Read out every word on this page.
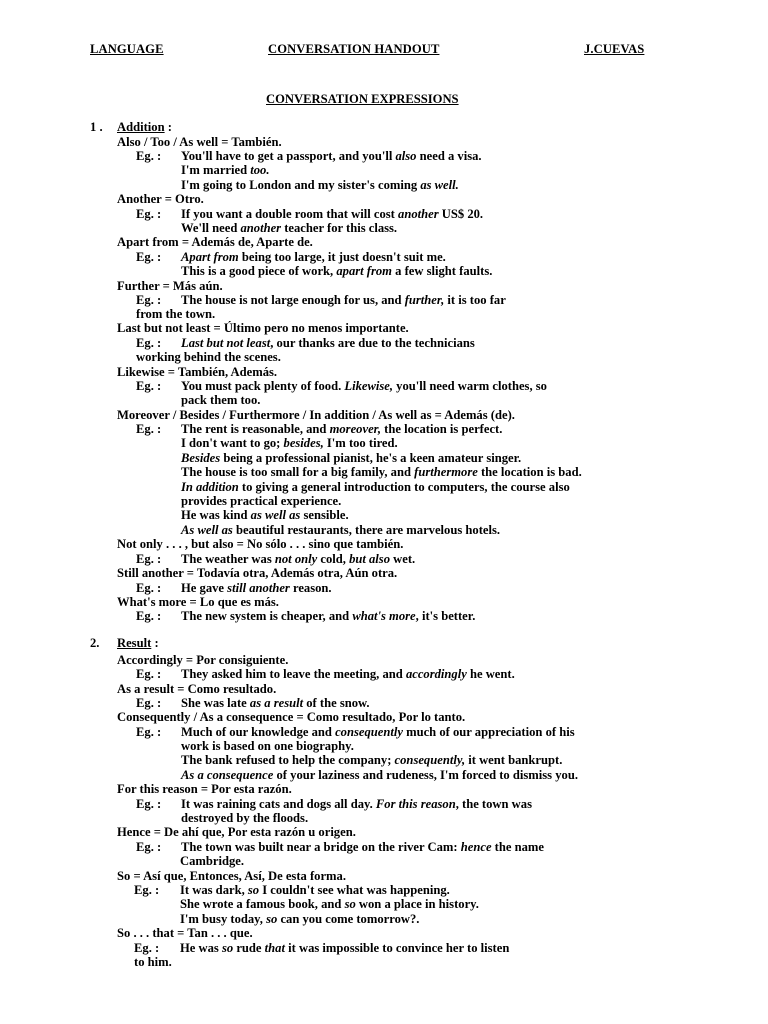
LANGUAGE	CONVERSATION HANDOUT	J.CUEVAS
CONVERSATION EXPRESSIONS
1 . Addition :
Also / Too / As well = También.
Eg. : You'll have to get a passport, and you'll also need a visa.
I'm married too.
I'm going to London and my sister's coming as well.
Another = Otro.
Eg. : If you want a double room that will cost another US$ 20.
We'll need another teacher for this class.
Apart from = Además de, Aparte de.
Eg. : Apart from being too large, it just doesn't suit me.
This is a good piece of work, apart from a few slight faults.
Further = Más aún.
Eg. : The house is not large enough for us, and further, it is too far
from the town.
Last but not least = Último pero no menos importante.
Eg. : Last but not least, our thanks are due to the technicians
working behind the scenes.
Likewise = También, Además.
Eg. : You must pack plenty of food. Likewise, you'll need warm clothes, so
pack them too.
Moreover / Besides / Furthermore / In addition / As well as = Además (de).
Eg. : The rent is reasonable, and moreover, the location is perfect.
I don't want to go; besides, I'm too tired.
Besides being a professional pianist, he's a keen amateur singer.
The house is too small for a big family, and furthermore the location is bad.
In addition to giving a general introduction to computers, the course also
provides practical experience.
He was kind as well as sensible.
As well as beautiful restaurants, there are marvelous hotels.
Not only . . . , but also = No sólo . . . sino que también.
Eg. : The weather was not only cold, but also wet.
Still another = Todavía otra, Además otra, Aún otra.
Eg. : He gave still another reason.
What's more = Lo que es más.
Eg. : The new system is cheaper, and what's more, it's better.
2. Result :
Accordingly = Por consiguiente.
Eg. : They asked him to leave the meeting, and accordingly he went.
As a result = Como resultado.
Eg. : She was late as a result of the snow.
Consequently / As a consequence = Como resultado, Por lo tanto.
Eg. : Much of our knowledge and consequently much of our appreciation of his
work is based on one biography.
The bank refused to help the company; consequently, it went bankrupt.
As a consequence of your laziness and rudeness, I'm forced to dismiss you.
For this reason = Por esta razón.
Eg. : It was raining cats and dogs all day. For this reason, the town was
destroyed by the floods.
Hence = De ahí que, Por esta razón u origen.
Eg. : The town was built near a bridge on the river Cam: hence the name
Cambridge.
So = Así que, Entonces, Así, De esta forma.
Eg. : It was dark, so I couldn't see what was happening.
She wrote a famous book, and so won a place in history.
I'm busy today, so can you come tomorrow?.
So . . . that = Tan . . . que.
Eg. : He was so rude that it was impossible to convince her to listen
to him.
